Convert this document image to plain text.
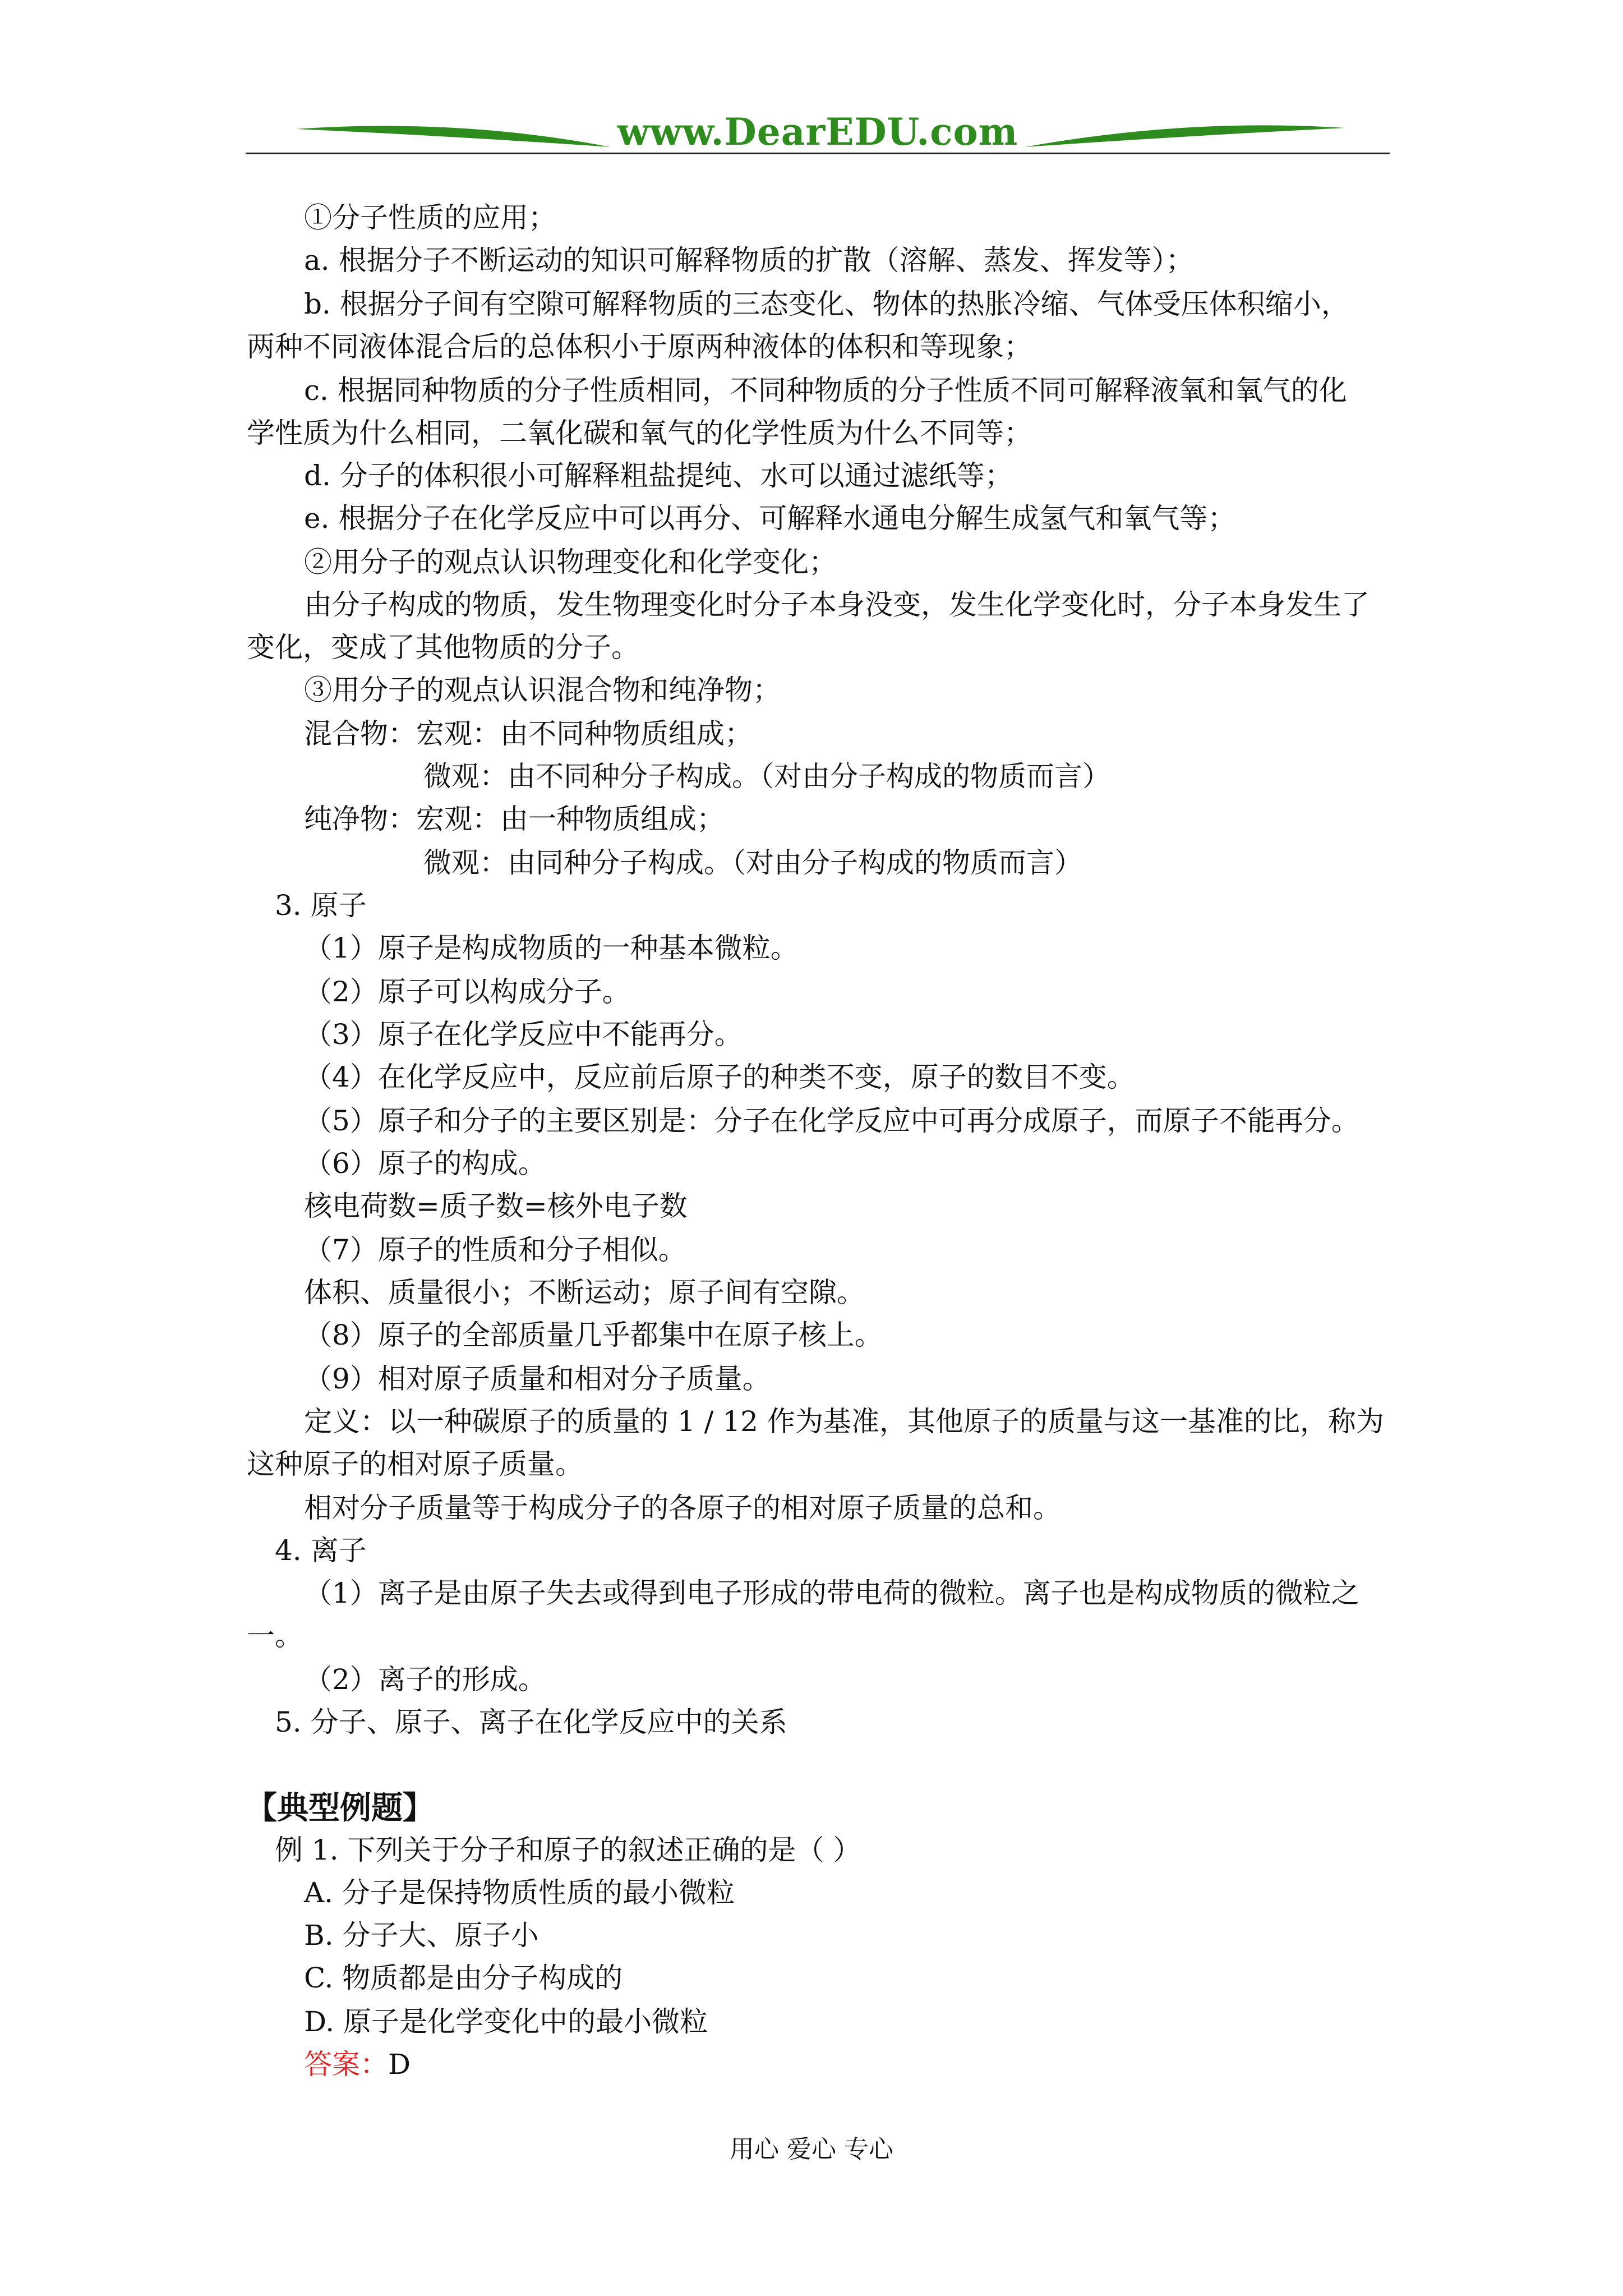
www.DearEDU.com
①分子性质的应用；
a. 根据分子不断运动的知识可解释物质的扩散（溶解、蒸发、挥发等）；
b. 根据分子间有空隙可解释物质的三态变化、物体的热胀冷缩、气体受压体积缩小，
两种不同液体混合后的总体积小于原两种液体的体积和等现象；
c. 根据同种物质的分子性质相同，不同种物质的分子性质不同可解释液氧和氧气的化
学性质为什么相同，二氧化碳和氧气的化学性质为什么不同等；
d. 分子的体积很小可解释粗盐提纯、水可以通过滤纸等；
e. 根据分子在化学反应中可以再分、可解释水通电分解生成氢气和氧气等；
②用分子的观点认识物理变化和化学变化；
由分子构成的物质，发生物理变化时分子本身没变，发生化学变化时，分子本身发生了
变化，变成了其他物质的分子。
③用分子的观点认识混合物和纯净物；
混合物：宏观：由不同种物质组成；
微观：由不同种分子构成。（对由分子构成的物质而言）
纯净物：宏观：由一种物质组成；
微观：由同种分子构成。（对由分子构成的物质而言）
3. 原子
（1）原子是构成物质的一种基本微粒。
（2）原子可以构成分子。
（3）原子在化学反应中不能再分。
（4）在化学反应中，反应前后原子的种类不变，原子的数目不变。
（5）原子和分子的主要区别是：分子在化学反应中可再分成原子，而原子不能再分。
（6）原子的构成。
核电荷数=质子数=核外电子数
（7）原子的性质和分子相似。
体积、质量很小；不断运动；原子间有空隙。
（8）原子的全部质量几乎都集中在原子核上。
（9）相对原子质量和相对分子质量。
定义：以一种碳原子的质量的 1 / 12 作为基准，其他原子的质量与这一基准的比，称为
这种原子的相对原子质量。
相对分子质量等于构成分子的各原子的相对原子质量的总和。
4. 离子
（1）离子是由原子失去或得到电子形成的带电荷的微粒。离子也是构成物质的微粒之
一。
（2）离子的形成。
5. 分子、原子、离子在化学反应中的关系
【典型例题】
例 1. 下列关于分子和原子的叙述正确的是（ ）
A. 分子是保持物质性质的最小微粒
B. 分子大、原子小
C. 物质都是由分子构成的
D. 原子是化学变化中的最小微粒
答案：D
用心 爱心 专心
